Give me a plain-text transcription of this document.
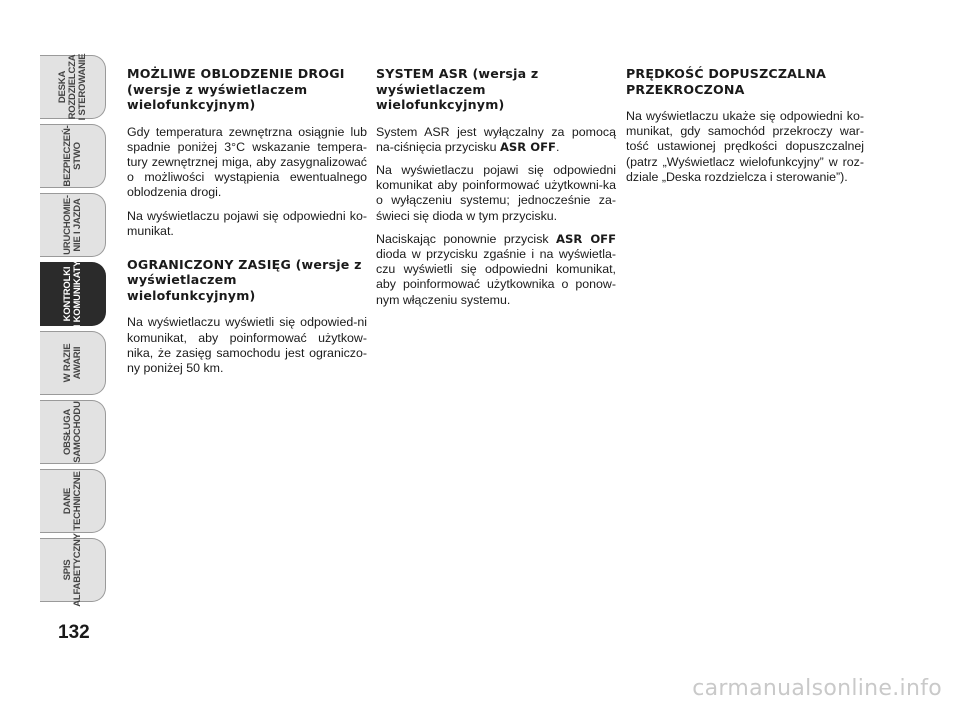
DESKA
ROZDZIELCZA
I STEROWANIE
BEZPIECZEŃ-
STWO
URUCHOMIE-
NIE I JAZDA
KONTROLKI
I KOMUNIKATY
W RAZIE
AWARII
OBSŁUGA
SAMOCHODU
DANE
TECHNICZNE
SPIS
ALFABETYCZNY
132
MOŻLIWE OBLODZENIE DROGI (wersje z wyświetlaczem wielofunkcyjnym)

Gdy temperatura zewnętrzna osiągnie lub spadnie poniżej 3°C wskazanie tempera-tury zewnętrznej miga, aby zasygnalizować o możliwości wystąpienia ewentualnego oblodzenia drogi.

Na wyświetlaczu pojawi się odpowiedni ko-munikat.

OGRANICZONY ZASIĘG (wersje z wyświetlaczem wielofunkcyjnym)

Na wyświetlaczu wyświetli się odpowied-ni komunikat, aby poinformować użytkow-nika, że zasięg samochodu jest ograniczo-ny poniżej 50 km.

SYSTEM ASR (wersja z wyświetlaczem wielofunkcyjnym)

System ASR jest wyłączalny za pomocą na-ciśnięcia przycisku ASR OFF.

Na wyświetlaczu pojawi się odpowiedni komunikat aby poinformować użytkowni-ka o wyłączeniu systemu; jednocześnie za-świeci się dioda w tym przycisku.

Naciskając ponownie przycisk ASR OFF dioda w przycisku zgaśnie i na wyświetla-czu wyświetli się odpowiedni komunikat, aby poinformować użytkownika o ponow-nym włączeniu systemu.

PRĘDKOŚĆ DOPUSZCZALNA PRZEKROCZONA

Na wyświetlaczu ukaże się odpowiedni ko-munikat, gdy samochód przekroczy war-tość ustawionej prędkości dopuszczalnej (patrz „Wyświetlacz wielofunkcyjny” w roz-dziale „Deska rozdzielcza i sterowanie”).

carmanualsonline.info
